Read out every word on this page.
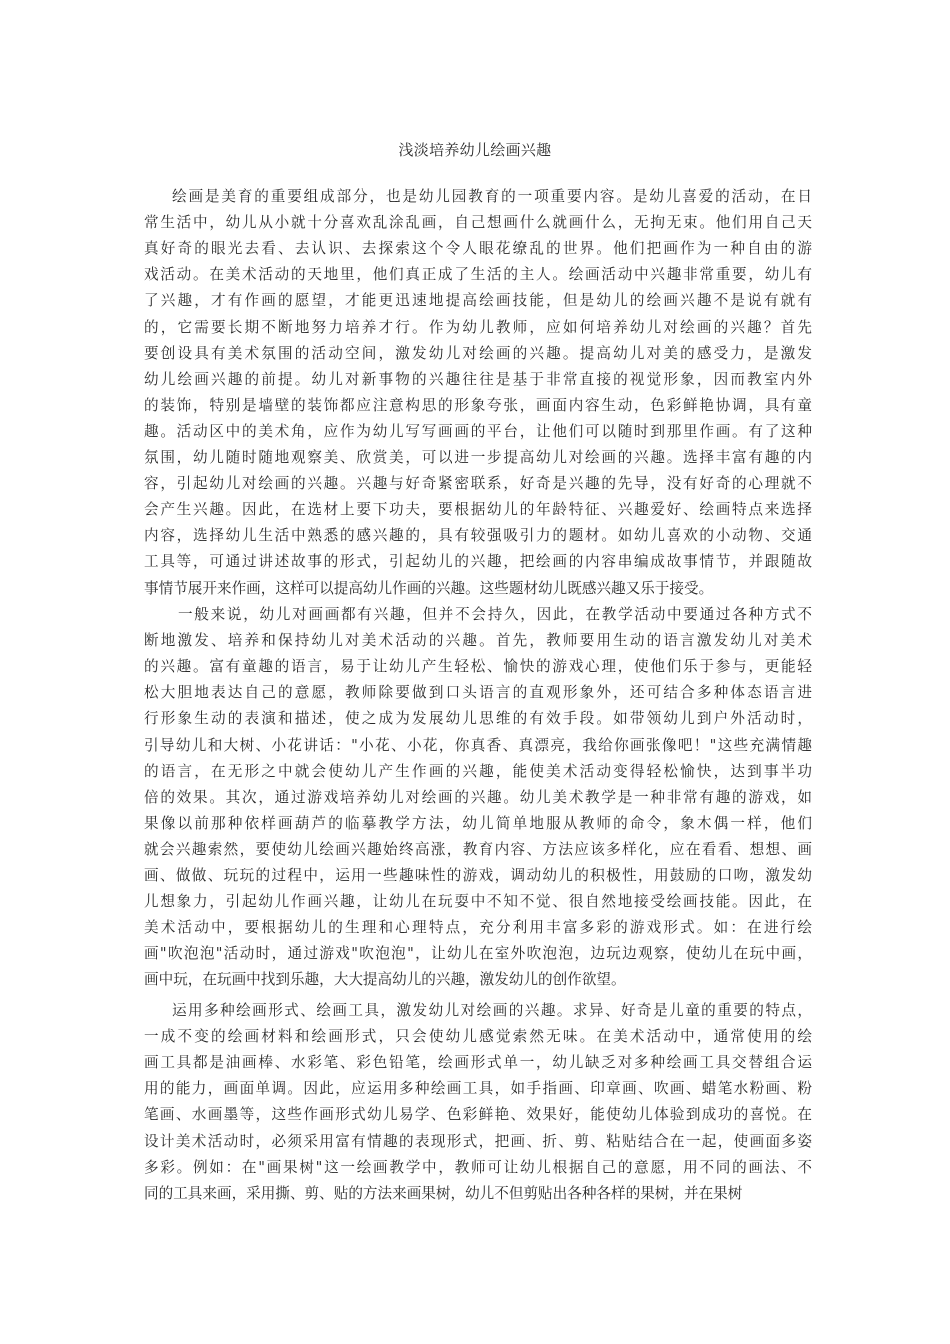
浅淡培养幼儿绘画兴趣
绘画是美育的重要组成部分，也是幼儿园教育的一项重要内容。是幼儿喜爱的活动，在日
常生活中，幼儿从小就十分喜欢乱涂乱画，自己想画什么就画什么，无拘无束。他们用自己天
真好奇的眼光去看、去认识、去探索这个令人眼花缭乱的世界。他们把画作为一种自由的游
戏活动。在美术活动的天地里，他们真正成了生活的主人。绘画活动中兴趣非常重要，幼儿有
了兴趣，才有作画的愿望，才能更迅速地提高绘画技能，但是幼儿的绘画兴趣不是说有就有
的，它需要长期不断地努力培养才行。作为幼儿教师，应如何培养幼儿对绘画的兴趣？首先
要创设具有美术氛围的活动空间，激发幼儿对绘画的兴趣。提高幼儿对美的感受力，是激发
幼儿绘画兴趣的前提。幼儿对新事物的兴趣往往是基于非常直接的视觉形象，因而教室内外
的装饰，特别是墙壁的装饰都应注意构思的形象夸张，画面内容生动，色彩鲜艳协调，具有童
趣。活动区中的美术角，应作为幼儿写写画画的平台，让他们可以随时到那里作画。有了这种
氛围，幼儿随时随地观察美、欣赏美，可以进一步提高幼儿对绘画的兴趣。选择丰富有趣的内
容，引起幼儿对绘画的兴趣。兴趣与好奇紧密联系，好奇是兴趣的先导，没有好奇的心理就不
会产生兴趣。因此，在选材上要下功夫，要根据幼儿的年龄特征、兴趣爱好、绘画特点来选择
内容，选择幼儿生活中熟悉的感兴趣的，具有较强吸引力的题材。如幼儿喜欢的小动物、交通
工具等，可通过讲述故事的形式，引起幼儿的兴趣，把绘画的内容串编成故事情节，并跟随故
事情节展开来作画，这样可以提高幼儿作画的兴趣。这些题材幼儿既感兴趣又乐于接受。
一般来说，幼儿对画画都有兴趣，但并不会持久，因此，在教学活动中要通过各种方式不
断地激发、培养和保持幼儿对美术活动的兴趣。首先，教师要用生动的语言激发幼儿对美术
的兴趣。富有童趣的语言，易于让幼儿产生轻松、愉快的游戏心理，使他们乐于参与，更能轻
松大胆地表达自己的意愿，教师除要做到口头语言的直观形象外，还可结合多种体态语言进
行形象生动的表演和描述，使之成为发展幼儿思维的有效手段。如带领幼儿到户外活动时，
引导幼儿和大树、小花讲话："小花、小花，你真香、真漂亮，我给你画张像吧！"这些充满情趣
的语言，在无形之中就会使幼儿产生作画的兴趣，能使美术活动变得轻松愉快，达到事半功
倍的效果。其次，通过游戏培养幼儿对绘画的兴趣。幼儿美术教学是一种非常有趣的游戏，如
果像以前那种依样画葫芦的临摹教学方法，幼儿简单地服从教师的命令，象木偶一样，他们
就会兴趣索然，要使幼儿绘画兴趣始终高涨，教育内容、方法应该多样化，应在看看、想想、画
画、做做、玩玩的过程中，运用一些趣味性的游戏，调动幼儿的积极性，用鼓励的口吻，激发幼
儿想象力，引起幼儿作画兴趣，让幼儿在玩耍中不知不觉、很自然地接受绘画技能。因此，在
美术活动中，要根据幼儿的生理和心理特点，充分利用丰富多彩的游戏形式。如：在进行绘
画"吹泡泡"活动时，通过游戏"吹泡泡"，让幼儿在室外吹泡泡，边玩边观察，使幼儿在玩中画，
画中玩，在玩画中找到乐趣，大大提高幼儿的兴趣，激发幼儿的创作欲望。
运用多种绘画形式、绘画工具，激发幼儿对绘画的兴趣。求异、好奇是儿童的重要的特点，
一成不变的绘画材料和绘画形式，只会使幼儿感觉索然无味。在美术活动中，通常使用的绘
画工具都是油画棒、水彩笔、彩色铅笔，绘画形式单一，幼儿缺乏对多种绘画工具交替组合运
用的能力，画面单调。因此，应运用多种绘画工具，如手指画、印章画、吹画、蜡笔水粉画、粉
笔画、水画墨等，这些作画形式幼儿易学、色彩鲜艳、效果好，能使幼儿体验到成功的喜悦。在
设计美术活动时，必须采用富有情趣的表现形式，把画、折、剪、粘贴结合在一起，使画面多姿
多彩。例如：在"画果树"这一绘画教学中，教师可让幼儿根据自己的意愿，用不同的画法、不
同的工具来画，采用撕、剪、贴的方法来画果树，幼儿不但剪贴出各种各样的果树，并在果树
